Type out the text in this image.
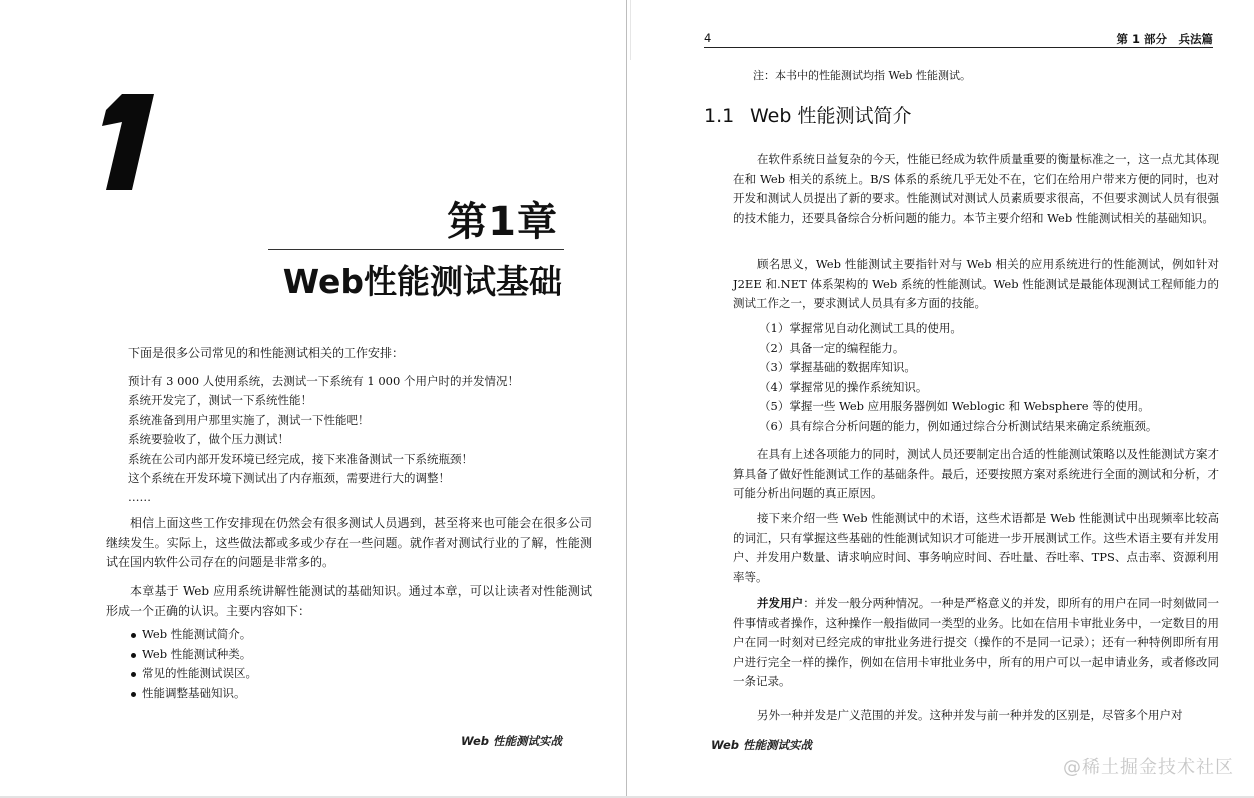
第1章
Web性能测试基础
下面是很多公司常见的和性能测试相关的工作安排：
预计有 3 000 人使用系统，去测试一下系统有 1 000 个用户时的并发情况！
系统开发完了，测试一下系统性能！
系统准备到用户那里实施了，测试一下性能吧！
系统要验收了，做个压力测试！
系统在公司内部开发环境已经完成，接下来准备测试一下系统瓶颈！
这个系统在开发环境下测试出了内存瓶颈，需要进行大的调整！
……
相信上面这些工作安排现在仍然会有很多测试人员遇到，甚至将来也可能会在很多公司继续发生。实际上，这些做法都或多或少存在一些问题。就作者对测试行业的了解，性能测试在国内软件公司存在的问题是非常多的。
本章基于 Web 应用系统讲解性能测试的基础知识。通过本章，可以让读者对性能测试形成一个正确的认识。主要内容如下：
Web 性能测试简介。
Web 性能测试种类。
常见的性能测试误区。
性能调整基础知识。
Web 性能测试实战
4	第 1 部分　兵法篇
注：本书中的性能测试均指 Web 性能测试。
1.1 Web 性能测试简介
在软件系统日益复杂的今天，性能已经成为软件质量重要的衡量标准之一，这一点尤其体现在和 Web 相关的系统上。B/S 体系的系统几乎无处不在，它们在给用户带来方便的同时，也对开发和测试人员提出了新的要求。性能测试对测试人员素质要求很高，不但要求测试人员有很强的技术能力，还要具备综合分析问题的能力。本节主要介绍和 Web 性能测试相关的基础知识。
顾名思义，Web 性能测试主要指针对与 Web 相关的应用系统进行的性能测试，例如针对 J2EE 和.NET 体系架构的 Web 系统的性能测试。Web 性能测试是最能体现测试工程师能力的测试工作之一，要求测试人员具有多方面的技能。
（1）掌握常见自动化测试工具的使用。
（2）具备一定的编程能力。
（3）掌握基础的数据库知识。
（4）掌握常见的操作系统知识。
（5）掌握一些 Web 应用服务器例如 Weblogic 和 Websphere 等的使用。
（6）具有综合分析问题的能力，例如通过综合分析测试结果来确定系统瓶颈。
在具有上述各项能力的同时，测试人员还要制定出合适的性能测试策略以及性能测试方案才算具备了做好性能测试工作的基础条件。最后，还要按照方案对系统进行全面的测试和分析，才可能分析出问题的真正原因。
接下来介绍一些 Web 性能测试中的术语，这些术语都是 Web 性能测试中出现频率比较高的词汇，只有掌握这些基础的性能测试知识才可能进一步开展测试工作。这些术语主要有并发用户、并发用户数量、请求响应时间、事务响应时间、吞吐量、吞吐率、TPS、点击率、资源利用率等。
并发用户：并发一般分两种情况。一种是严格意义的并发，即所有的用户在同一时刻做同一件事情或者操作，这种操作一般指做同一类型的业务。比如在信用卡审批业务中，一定数目的用户在同一时刻对已经完成的审批业务进行提交（操作的不是同一记录）；还有一种特例即所有用户进行完全一样的操作，例如在信用卡审批业务中，所有的用户可以一起申请业务，或者修改同一条记录。
另外一种并发是广义范围的并发。这种并发与前一种并发的区别是，尽管多个用户对
Web 性能测试实战
@稀土掘金技术社区
